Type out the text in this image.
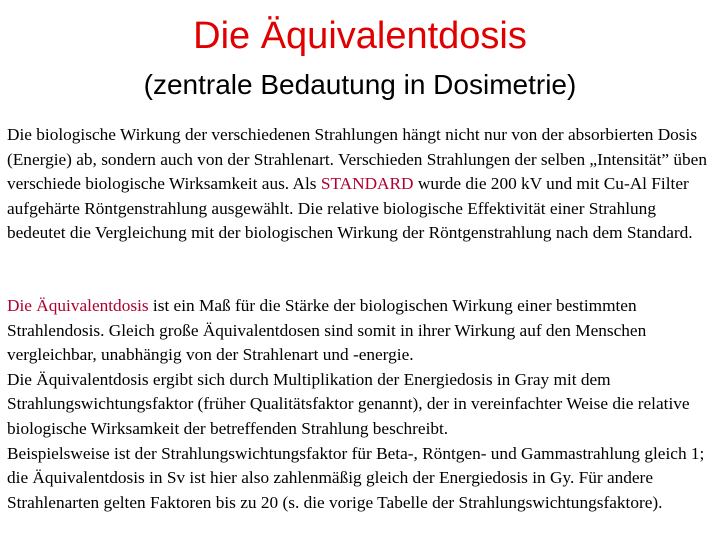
Die Äquivalentdosis
(zentrale Bedautung in Dosimetrie)

Die biologische Wirkung der verschiedenen Strahlungen hängt nicht nur von der absorbierten Dosis (Energie) ab, sondern auch von der Strahlenart. Verschieden Strahlungen der selben „Intensität” üben verschiede biologische Wirksamkeit aus. Als STANDARD wurde die 200 kV und mit Cu-Al Filter aufgehärte Röntgenstrahlung ausgewählt. Die relative biologische Effektivität einer Strahlung bedeutet die Vergleichung mit der biologischen Wirkung der Röntgenstrahlung nach dem Standard.

Die Äquivalentdosis ist ein Maß für die Stärke der biologischen Wirkung einer bestimmten Strahlendosis. Gleich große Äquivalentdosen sind somit in ihrer Wirkung auf den Menschen vergleichbar, unabhängig von der Strahlenart und -energie.
Die Äquivalentdosis ergibt sich durch Multiplikation der Energiedosis in Gray mit dem Strahlungswichtungsfaktor (früher Qualitätsfaktor genannt), der in vereinfachter Weise die relative biologische Wirksamkeit der betreffenden Strahlung beschreibt.
Beispielsweise ist der Strahlungswichtungsfaktor für Beta-, Röntgen- und Gammastrahlung gleich 1; die Äquivalentdosis in Sv ist hier also zahlenmäßig gleich der Energiedosis in Gy. Für andere Strahlenarten gelten Faktoren bis zu 20 (s. die vorige Tabelle der Strahlungswichtungsfaktore).
